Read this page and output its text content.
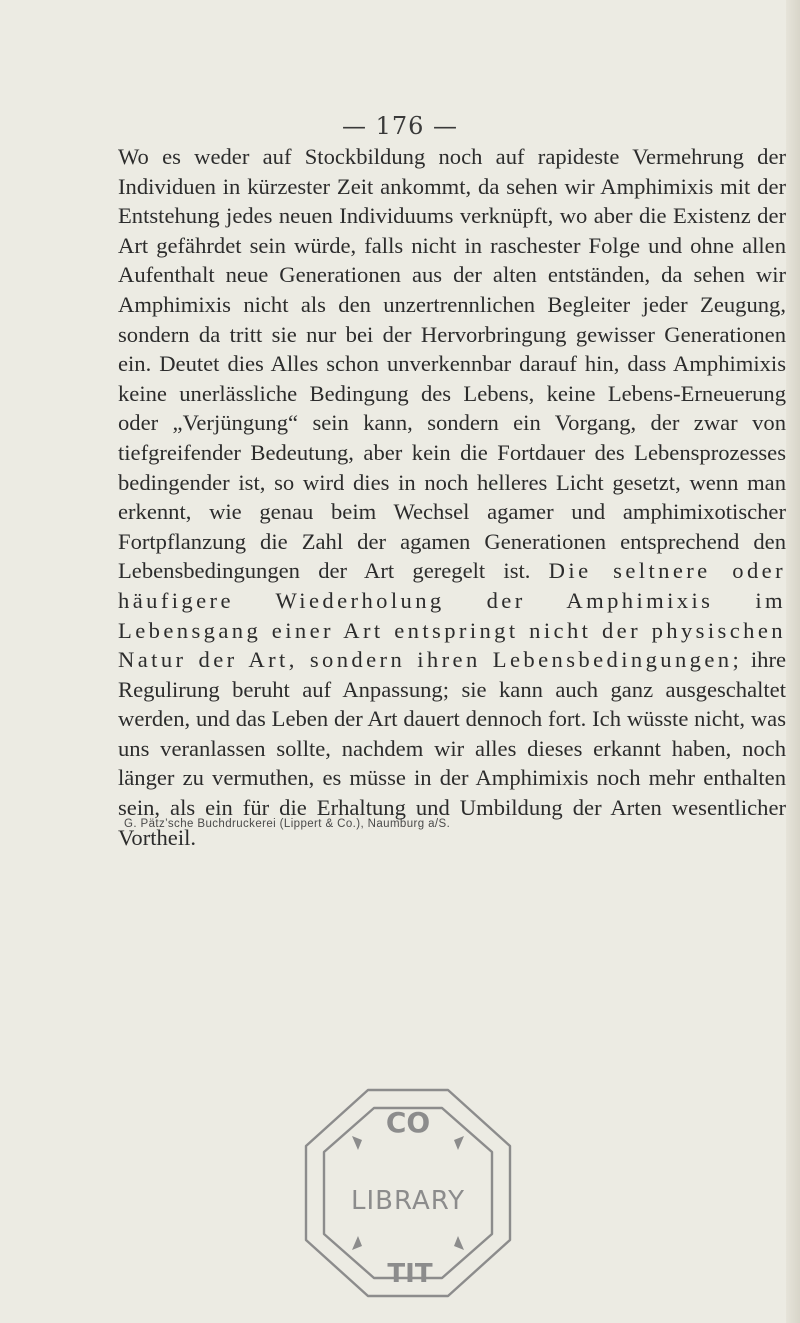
— 176 —

Wo es weder auf Stockbildung noch auf rapideste Vermehrung der Individuen in kürzester Zeit ankommt, da sehen wir Amphimixis mit der Entstehung jedes neuen Individuums verknüpft, wo aber die Existenz der Art gefährdet sein würde, falls nicht in raschester Folge und ohne allen Aufenthalt neue Generationen aus der alten entständen, da sehen wir Amphimixis nicht als den unzertrennlichen Begleiter jeder Zeugung, sondern da tritt sie nur bei der Hervorbringung gewisser Generationen ein. Deutet dies Alles schon unverkennbar darauf hin, dass Amphimixis keine unerlässliche Bedingung des Lebens, keine Lebens-Erneuerung oder „Verjüngung“ sein kann, sondern ein Vorgang, der zwar von tiefgreifender Bedeutung, aber kein die Fortdauer des Lebensprozesses bedingender ist, so wird dies in noch helleres Licht gesetzt, wenn man erkennt, wie genau beim Wechsel agamer und amphimixotischer Fortpflanzung die Zahl der agamen Generationen entsprechend den Lebensbedingungen der Art geregelt ist. Die seltnere oder häufigere Wiederholung der Amphimixis im Lebensgang einer Art entspringt nicht der physischen Natur der Art, sondern ihren Lebensbedingungen; ihre Regulirung beruht auf Anpassung; sie kann auch ganz ausgeschaltet werden, und das Leben der Art dauert dennoch fort. Ich wüsste nicht, was uns veranlassen sollte, nachdem wir alles dieses erkannt haben, noch länger zu vermuthen, es müsse in der Amphimixis noch mehr enthalten sein, als ein für die Erhaltung und Umbildung der Arten wesentlicher Vortheil.

G. Pätz’sche Buchdruckerei (Lippert & Co.), Naumburg a/S.
CO
LIBRARY
TIT
